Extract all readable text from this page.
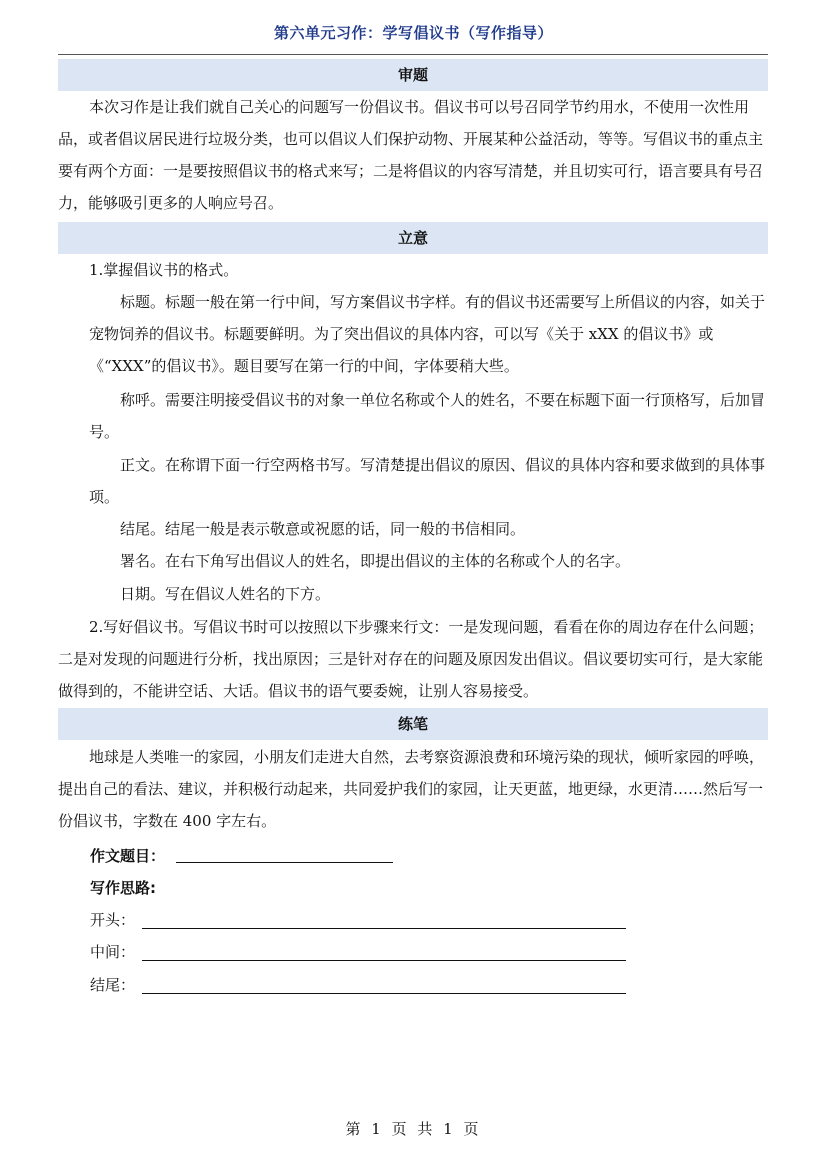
第六单元习作：学写倡议书（写作指导）
审题

本次习作是让我们就自己关心的问题写一份倡议书。倡议书可以号召同学节约用水，不使用一次性用品，或者倡议居民进行垃圾分类，也可以倡议人们保护动物、开展某种公益活动，等等。写倡议书的重点主要有两个方面：一是要按照倡议书的格式来写；二是将倡议的内容写清楚，并且切实可行，语言要具有号召力，能够吸引更多的人响应号召。

立意

1.掌握倡议书的格式。

标题。标题一般在第一行中间，写方案倡议书字样。有的倡议书还需要写上所倡议的内容，如关于宠物饲养的倡议书。标题要鲜明。为了突出倡议的具体内容，可以写《关于 xXX 的倡议书》或《“XXX”的倡议书》。题目要写在第一行的中间，字体要稍大些。

称呼。需要注明接受倡议书的对象一单位名称或个人的姓名，不要在标题下面一行顶格写，后加冒号。

正文。在称谓下面一行空两格书写。写清楚提出倡议的原因、倡议的具体内容和要求做到的具体事项。

结尾。结尾一般是表示敬意或祝愿的话，同一般的书信相同。

署名。在右下角写出倡议人的姓名，即提出倡议的主体的名称或个人的名字。

日期。写在倡议人姓名的下方。

2.写好倡议书。写倡议书时可以按照以下步骤来行文：一是发现问题，看看在你的周边存在什么问题；二是对发现的问题进行分析，找出原因；三是针对存在的问题及原因发出倡议。倡议要切实可行，是大家能做得到的，不能讲空话、大话。倡议书的语气要委婉，让别人容易接受。

练笔

地球是人类唯一的家园，小朋友们走进大自然，去考察资源浪费和环境污染的现状，倾听家园的呼唤，提出自己的看法、建议，并积极行动起来，共同爱护我们的家园，让天更蓝，地更绿，水更清……然后写一份倡议书，字数在 400 字左右。

作文题目：
写作思路:
开头：
中间：
结尾：
第 1 页 共 1 页
